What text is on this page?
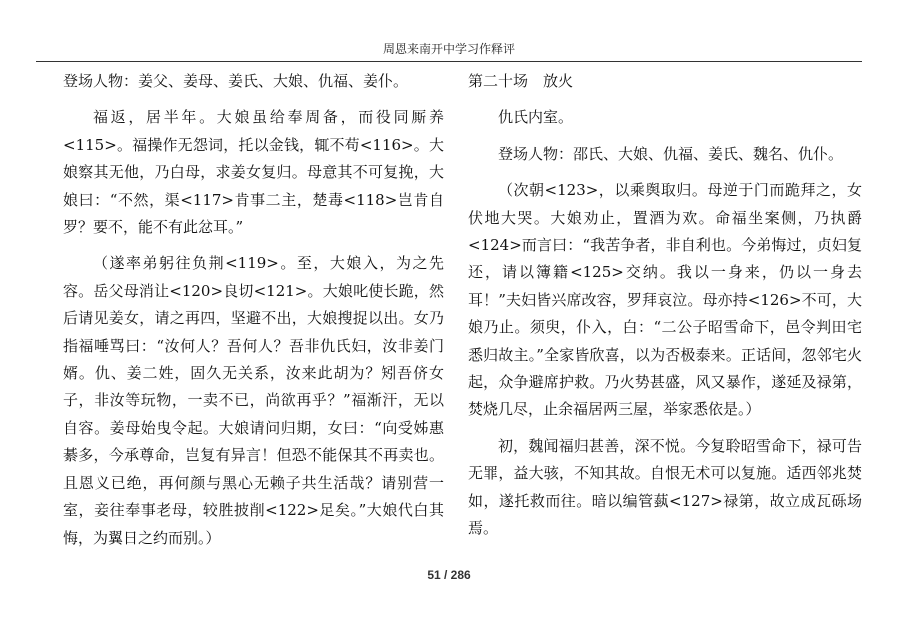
周恩来南开中学习作释评

登场人物：姜父、姜母、姜氏、大娘、仇福、姜仆。

福返，居半年。大娘虽给奉周备，而役同厮养<115>。福操作无怨词，托以金钱，辄不苟<116>。大娘察其无他，乃白母，求姜女复归。母意其不可复挽，大娘曰：“不然，渠<117>肯事二主，楚毒<118>岂肯自罗？要不，能不有此忿耳。”

（遂率弟躬往负荆<119>。至，大娘入，为之先容。岳父母消让<120>良切<121>。大娘叱使长跪，然后请见姜女，请之再四，坚避不出，大娘搜捉以出。女乃指福唾骂曰：“汝何人？吾何人？吾非仇氏妇，汝非姜门婿。仇、姜二姓，固久无关系，汝来此胡为？矧吾侪女子，非汝等玩物，一卖不已，尚欲再乎？”福渐汗，无以自容。姜母始曳令起。大娘请问归期，女曰：“向受姊惠綦多，今承尊命，岂复有异言！但恐不能保其不再卖也。且恩义已绝，再何颜与黑心无赖子共生活哉？请别营一室，妾往奉事老母，较胜披削<122>足矣。”大娘代白其悔，为翼日之约而别。）

第二十场　放火

仇氏内室。

登场人物：邵氏、大娘、仇福、姜氏、魏名、仇仆。

（次朝<123>，以乘舆取归。母逆于门而跪拜之，女伏地大哭。大娘劝止，置酒为欢。命福坐案侧，乃执爵<124>而言曰：“我苦争者，非自利也。今弟悔过，贞妇复还，请以簿籍<125>交纳。我以一身来，仍以一身去耳！”夫妇皆兴席改容，罗拜哀泣。母亦持<126>不可，大娘乃止。须臾，仆入，白：“二公子昭雪命下，邑令判田宅悉归故主。”全家皆欣喜，以为否极泰来。正话间，忽邻宅火起，众争避席护救。乃火势甚盛，风又暴作，遂延及禄第，焚烧几尽，止余福居两三屋，举家悉依是。）

初，魏闻福归甚善，深不悦。今复聆昭雪命下，禄可告无罪，益大骇，不知其故。自恨无术可以复施。适西邻兆焚如，遂托救而往。暗以编管蓺<127>禄第，故立成瓦砾场焉。

51 / 286
